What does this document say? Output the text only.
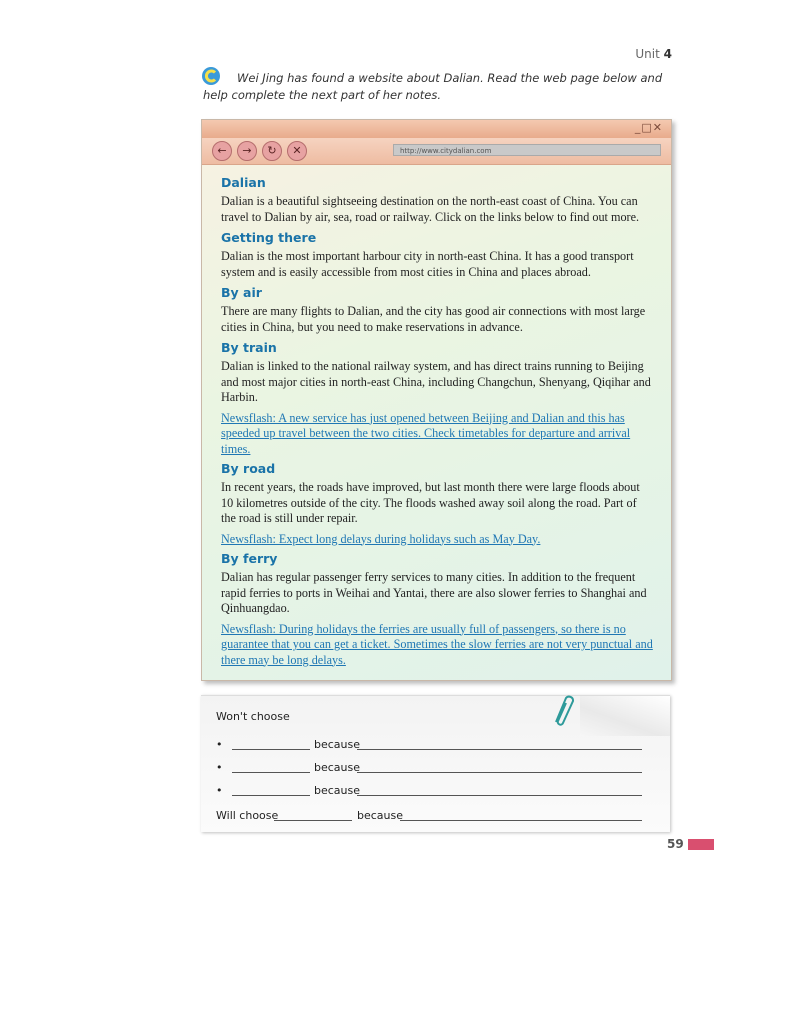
Unit 4
Wei Jing has found a website about Dalian. Read the web page below and help complete the next part of her notes.
_□✕
←	→	↻	✕	http://www.citydalian.com
Dalian

Dalian is a beautiful sightseeing destination on the north-east coast of China. You can travel to Dalian by air, sea, road or railway. Click on the links below to find out more.

Getting there

Dalian is the most important harbour city in north-east China. It has a good transport system and is easily accessible from most cities in China and places abroad.

By air

There are many flights to Dalian, and the city has good air connections with most large cities in China, but you need to make reservations in advance.

By train

Dalian is linked to the national railway system, and has direct trains running to Beijing and most major cities in north-east China, including Changchun, Shenyang, Qiqihar and Harbin.

Newsflash: A new service has just opened between Beijing and Dalian and this has speeded up travel between the two cities. Check timetables for departure and arrival times.

By road

In recent years, the roads have improved, but last month there were large floods about 10 kilometres outside of the city. The floods washed away soil along the road. Part of the road is still under repair.

Newsflash: Expect long delays during holidays such as May Day.

By ferry

Dalian has regular passenger ferry services to many cities. In addition to the frequent rapid ferries to ports in Weihai and Yantai, there are also slower ferries to Shanghai and Qinhuangdao.

Newsflash: During holidays the ferries are usually full of passengers, so there is no guarantee that you can get a ticket. Sometimes the slow ferries are not very punctual and there may be long delays.

Won't choose
•	because
•	because
•	because
Will choose	because
59
